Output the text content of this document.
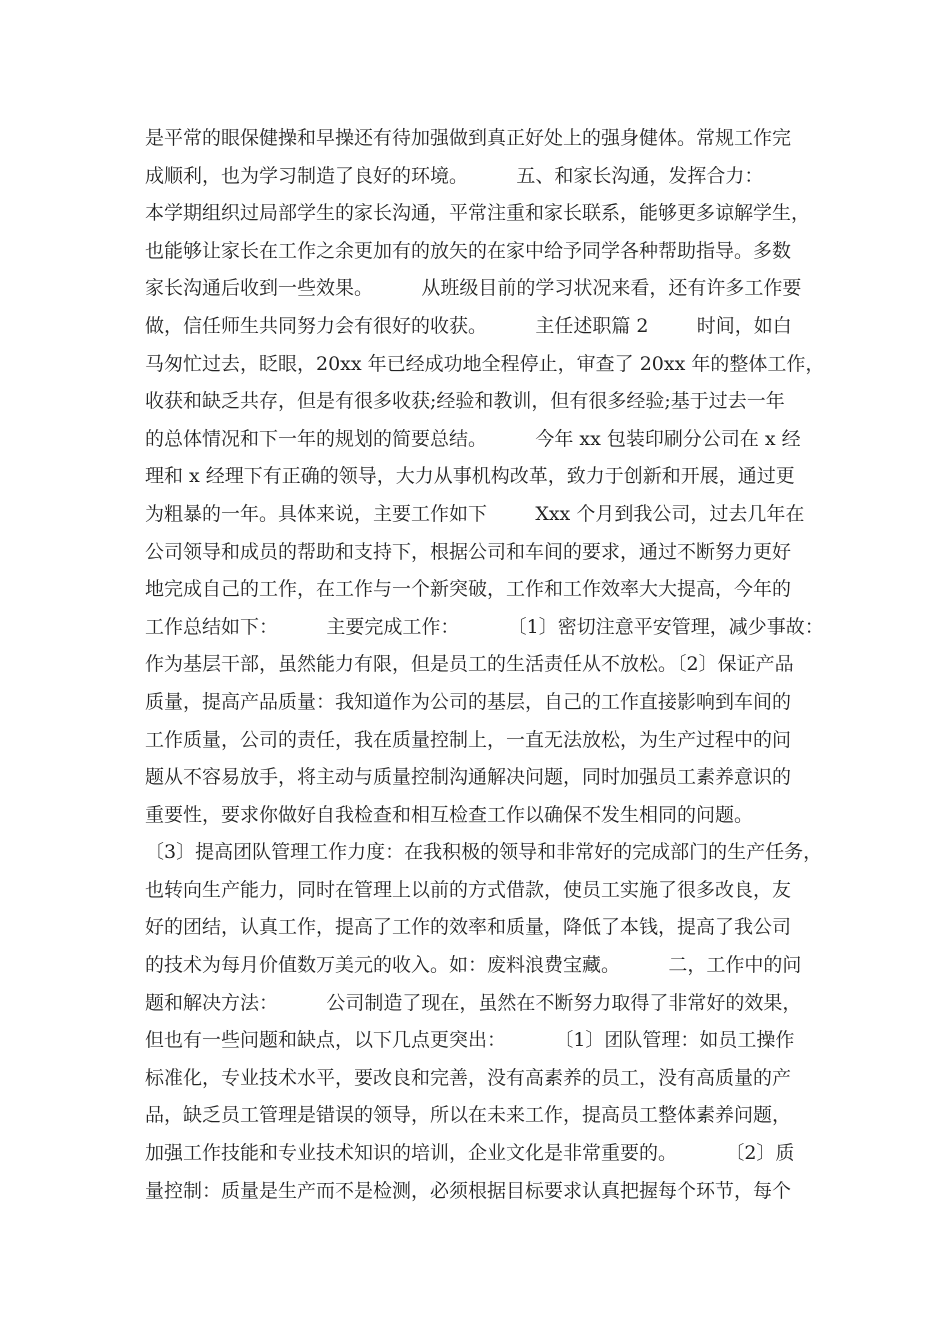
是平常的眼保健操和早操还有待加强做到真正好处上的强身健体。常规工作完
成顺利，也为学习制造了良好的环境。        五、和家长沟通，发挥合力：
本学期组织过局部学生的家长沟通，平常注重和家长联系，能够更多谅解学生，
也能够让家长在工作之余更加有的放矢的在家中给予同学各种帮助指导。多数
家长沟通后收到一些效果。        从班级目前的学习状况来看，还有许多工作要
做，信任师生共同努力会有很好的收获。        主任述职篇 2        时间，如白
马匆忙过去，眨眼，20xx 年已经成功地全程停止，审查了 20xx 年的整体工作，
收获和缺乏共存，但是有很多收获;经验和教训，但有很多经验;基于过去一年
的总体情况和下一年的规划的简要总结。        今年 xx 包装印刷分公司在 x 经
理和 x 经理下有正确的领导，大力从事机构改革，致力于创新和开展，通过更
为粗暴的一年。具体来说，主要工作如下        Xxx 个月到我公司，过去几年在
公司领导和成员的帮助和支持下，根据公司和车间的要求，通过不断努力更好
地完成自己的工作，在工作与一个新突破，工作和工作效率大大提高，今年的
工作总结如下：        主要完成工作：        〔1〕密切注意平安管理，减少事故：
作为基层干部，虽然能力有限，但是员工的生活责任从不放松。〔2〕保证产品
质量，提高产品质量：我知道作为公司的基层，自己的工作直接影响到车间的
工作质量，公司的责任，我在质量控制上，一直无法放松，为生产过程中的问
题从不容易放手，将主动与质量控制沟通解决问题，同时加强员工素养意识的
重要性，要求你做好自我检查和相互检查工作以确保不发生相同的问题。
〔3〕提高团队管理工作力度：在我积极的领导和非常好的完成部门的生产任务，
也转向生产能力，同时在管理上以前的方式借款，使员工实施了很多改良，友
好的团结，认真工作，提高了工作的效率和质量，降低了本钱，提高了我公司
的技术为每月价值数万美元的收入。如：废料浪费宝藏。        二，工作中的问
题和解决方法：        公司制造了现在，虽然在不断努力取得了非常好的效果，
但也有一些问题和缺点，以下几点更突出：        〔1〕团队管理：如员工操作
标准化，专业技术水平，要改良和完善，没有高素养的员工，没有高质量的产
品，缺乏员工管理是错误的领导，所以在未来工作，提高员工整体素养问题，
加强工作技能和专业技术知识的培训，企业文化是非常重要的。        〔2〕质
量控制：质量是生产而不是检测，必须根据目标要求认真把握每个环节，每个
